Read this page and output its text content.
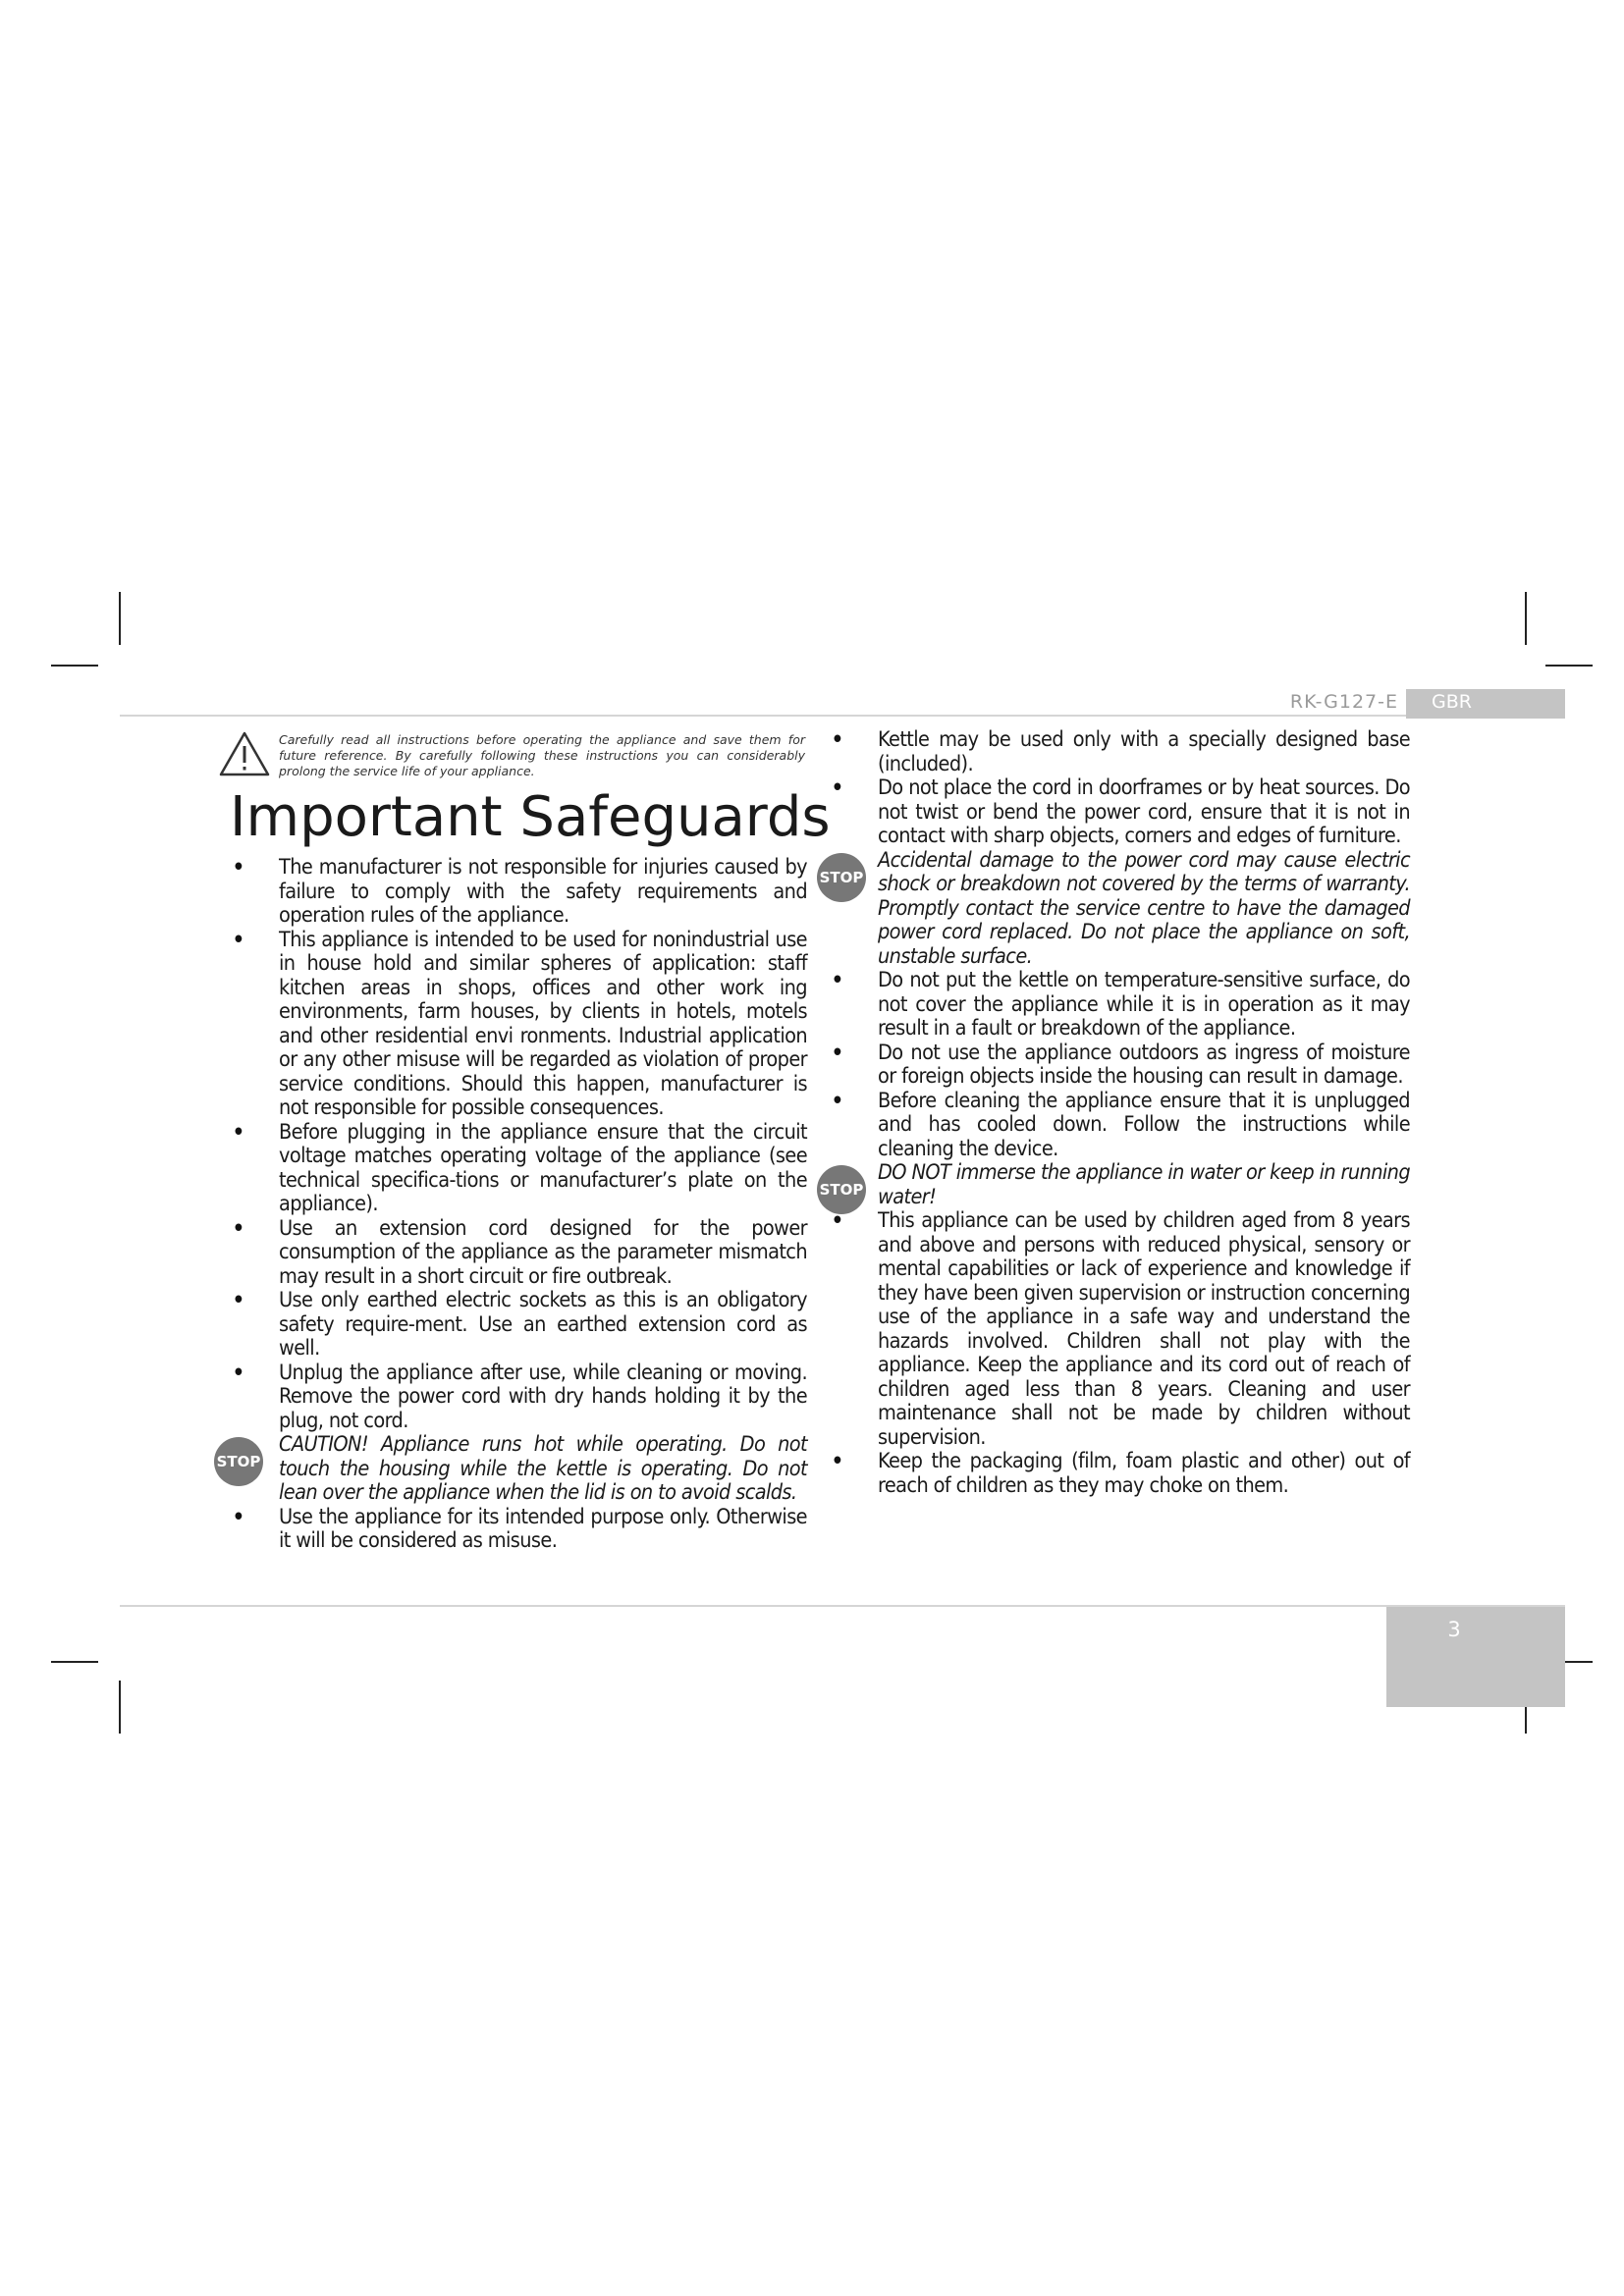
RK-G127-E GBR
Carefully read all instructions before operating the appliance and save them for future reference. By carefully following these instructions you can considerably prolong the service life of your appliance.
Important Safeguards
• The manufacturer is not responsible for injuries caused by failure to comply with the safety requirements and operation rules of the appliance.
• This appliance is intended to be used for nonindustrial use in house hold and similar spheres of application: staff kitchen areas in shops, offices and other work ing environments, farm houses, by clients in hotels, motels and other residential envi ronments. Industrial application or any other misuse will be regarded as violation of proper service conditions. Should this happen, manufacturer is not responsible for possible consequences.
• Before plugging in the appliance ensure that the circuit voltage matches operating voltage of the appliance (see technical specifica-tions or manufacturer’s plate on the appliance).
• Use an extension cord designed for the power consumption of the appliance as the parameter mismatch may result in a short circuit or fire outbreak.
• Use only earthed electric sockets as this is an obligatory safety require-ment. Use an earthed extension cord as well.
• Unplug the appliance after use, while cleaning or moving. Remove the power cord with dry hands holding it by the plug, not cord.
STOP
CAUTION! Appliance runs hot while operating. Do not touch the housing while the kettle is operating. Do not lean over the appliance when the lid is on to avoid scalds.
• Use the appliance for its intended purpose only. Otherwise it will be considered as misuse.
• Kettle may be used only with a specially designed base (included).
• Do not place the cord in doorframes or by heat sources. Do not twist or bend the power cord, ensure that it is not in contact with sharp objects, corners and edges of furniture.
STOP
Accidental damage to the power cord may cause electric shock or breakdown not covered by the terms of warranty. Promptly contact the service centre to have the damaged power cord replaced. Do not place the appliance on soft, unstable surface.
• Do not put the kettle on temperature-sensitive surface, do not cover the appliance while it is in operation as it may result in a fault or breakdown of the appliance.
• Do not use the appliance outdoors as ingress of moisture or foreign objects inside the housing can result in damage.
• Before cleaning the appliance ensure that it is unplugged and has cooled down. Follow the instructions while cleaning the device.
STOP
DO NOT immerse the appliance in water or keep in running water!
• This appliance can be used by children aged from 8 years and above and persons with reduced physical, sensory or mental capabilities or lack of experience and knowledge if they have been given supervision or instruction concerning use of the appliance in a safe way and understand the hazards involved. Children shall not play with the appliance. Keep the appliance and its cord out of reach of children aged less than 8 years. Cleaning and user maintenance shall not be made by children without supervision.
• Keep the packaging (film, foam plastic and other) out of reach of children as they may choke on them.
3
